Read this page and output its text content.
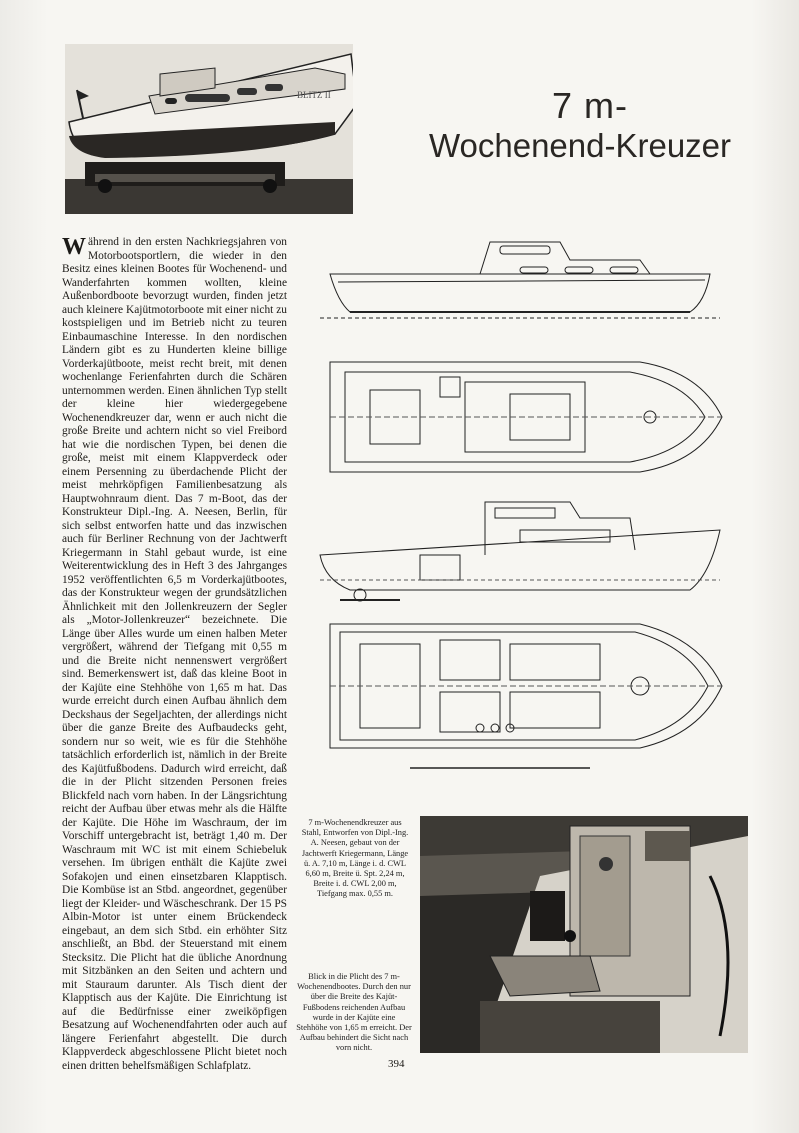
BLITZ II	7 m-
Wochenend-Kreuzer
Während in den ersten Nachkriegsjahren von Motorbootsportlern, die wieder in den Besitz eines kleinen Bootes für Wochenend- und Wanderfahrten kommen wollten, kleine Außenbordboote bevorzugt wurden, finden jetzt auch kleinere Kajütmotorboote mit einer nicht zu kostspieligen und im Betrieb nicht zu teuren Einbaumaschine Interesse. In den nordischen Ländern gibt es zu Hunderten kleine billige Vorderkajütboote, meist recht breit, mit denen wochenlange Ferienfahrten durch die Schären unternommen werden. Einen ähnlichen Typ stellt der kleine hier wiedergegebene Wochenendkreuzer dar, wenn er auch nicht die große Breite und achtern nicht so viel Freibord hat wie die nordischen Typen, bei denen die große, meist mit einem Klappverdeck oder einem Persenning zu überdachende Plicht der meist mehrköpfigen Familienbesatzung als Hauptwohnraum dient. Das 7 m-Boot, das der Konstrukteur Dipl.-Ing. A. Neesen, Berlin, für sich selbst entworfen hatte und das inzwischen auch für Berliner Rechnung von der Jachtwerft Kriegermann in Stahl gebaut wurde, ist eine Weiterentwicklung des in Heft 3 des Jahrganges 1952 veröffentlichten 6,5 m Vorderkajütbootes, das der Konstrukteur wegen der grundsätzlichen Ähnlichkeit mit den Jollenkreuzern der Segler als „Motor-Jollenkreuzer“ bezeichnete. Die Länge über Alles wurde um einen halben Meter vergrößert, während der Tiefgang mit 0,55 m und die Breite nicht nennenswert vergrößert sind. Bemerkenswert ist, daß das kleine Boot in der Kajüte eine Stehhöhe von 1,65 m hat. Das wurde erreicht durch einen Aufbau ähnlich dem Deckshaus der Segeljachten, der allerdings nicht über die ganze Breite des Aufbaudecks geht, sondern nur so weit, wie es für die Stehhöhe tatsächlich erforderlich ist, nämlich in der Breite des Kajütfußbodens. Dadurch wird erreicht, daß die in der Plicht sitzenden Personen freies Blickfeld nach vorn haben. In der Längsrichtung reicht der Aufbau über etwas mehr als die Hälfte der Kajüte. Die Höhe im Waschraum, der im Vorschiff untergebracht ist, beträgt 1,40 m. Der Waschraum mit WC ist mit einem Schiebeluk versehen. Im übrigen enthält die Kajüte zwei Sofakojen und einen einsetzbaren Klapptisch. Die Kombüse ist an Stbd. angeordnet, gegenüber liegt der Kleider- und Wäscheschrank. Der 15 PS Albin-Motor ist unter einem Brückendeck eingebaut, an dem sich Stbd. ein erhöhter Sitz anschließt, an Bbd. der Steuerstand mit einem Stecksitz. Die Plicht hat die übliche Anordnung mit Sitzbänken an den Seiten und achtern und mit Stauraum darunter. Als Tisch dient der Klapptisch aus der Kajüte. Die Einrichtung ist auf die Bedürfnisse einer zweiköpfigen Besatzung auf Wochenendfahrten oder auch auf längere Ferienfahrt abgestellt. Die durch Klappverdeck abgeschlossene Plicht bietet noch einen dritten behelfsmäßigen Schlafplatz.
7 m-Wochenendkreuzer aus Stahl, Entworfen von Dipl.-Ing. A. Neesen, gebaut von der Jachtwerft Kriegermann, Länge ü. A. 7,10 m, Länge i. d. CWL 6,60 m, Breite ü. Spt. 2,24 m, Breite i. d. CWL 2,00 m, Tiefgang max. 0,55 m.
Blick in die Plicht des 7 m-Wochenendbootes. Durch den nur über die Breite des Kajüt-Fußbodens reichenden Aufbau wurde in der Kajüte eine Stehhöhe von 1,65 m erreicht. Der Aufbau behindert die Sicht nach vorn nicht.
394
